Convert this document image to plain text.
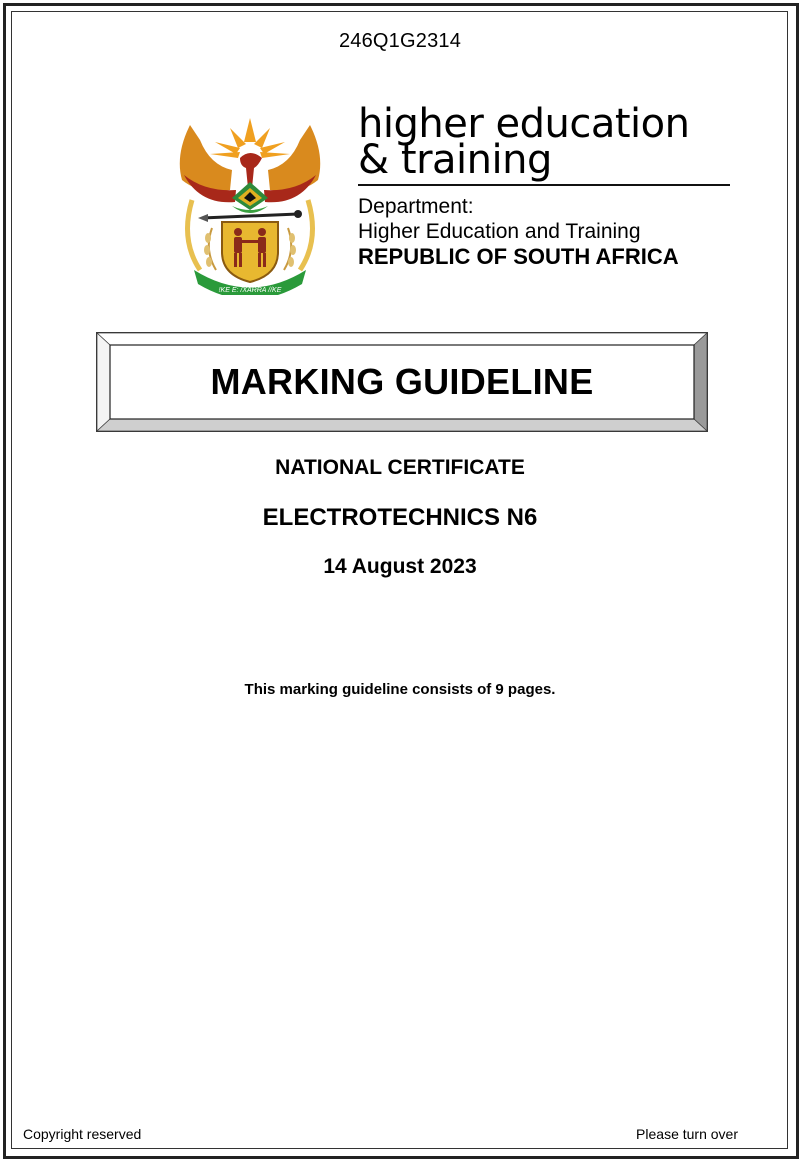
246Q1G2314
!KE E: /XARRA //KE
higher education
& training
Department:
Higher Education and Training
REPUBLIC OF SOUTH AFRICA
MARKING GUIDELINE
NATIONAL CERTIFICATE
ELECTROTECHNICS N6
14 August 2023
This marking guideline consists of 9 pages.
Copyright reserved	Please turn over
